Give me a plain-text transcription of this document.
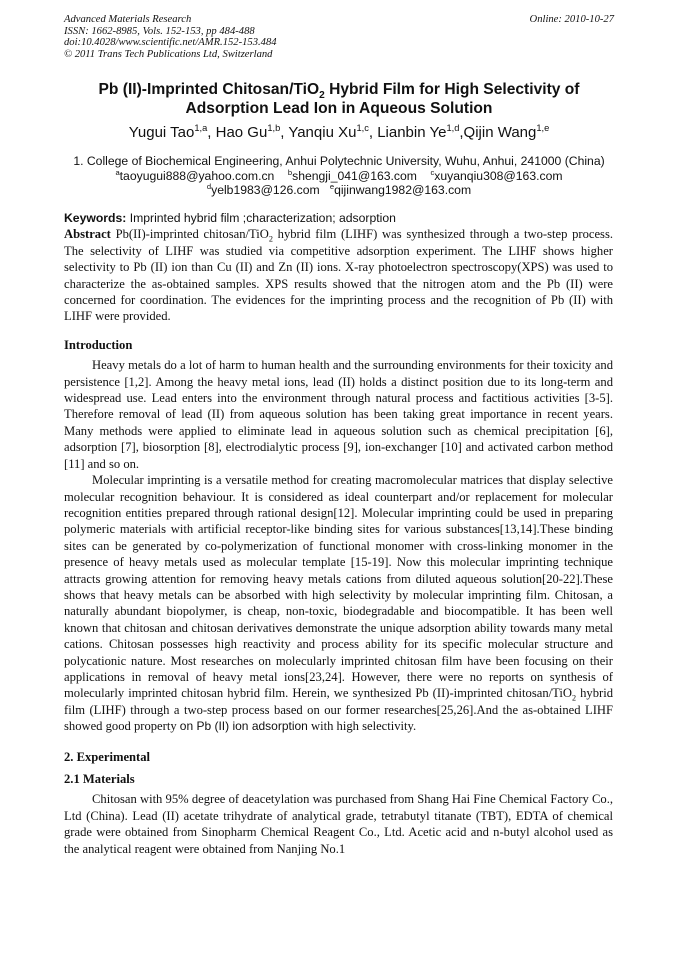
Advanced Materials Research
ISSN: 1662-8985, Vols. 152-153, pp 484-488
doi:10.4028/www.scientific.net/AMR.152-153.484
© 2011 Trans Tech Publications Ltd, Switzerland
Online: 2010-10-27
Pb (II)-Imprinted Chitosan/TiO$_2$ Hybrid Film for High Selectivity of
Adsorption Lead Ion in Aqueous Solution
Yugui Tao$^{1,a}$, Hao Gu$^{1,b}$, Yanqiu Xu$^{1,c}$, Lianbin Ye$^{1,d}$,Qijin Wang$^{1,e}$
1. College of Biochemical Engineering, Anhui Polytechnic University, Wuhu, Anhui, 241000 (China)
$^a$taoyugui888@yahoo.com.cn $^b$shengji_041@163.com $^c$xuyanqiu308@163.com
$^d$yelb1983@126.com $^e$qijinwang1982@163.com
Keywords: Imprinted hybrid film ;characterization; adsorption

Abstract Pb(II)-imprinted chitosan/TiO$_2$ hybrid film (LIHF) was synthesized through a two-step process. The selectivity of LIHF was studied via competitive adsorption experiment. The LIHF shows higher selectivity to Pb (II) ion than Cu (II) and Zn (II) ions. X-ray photoelectron spectroscopy(XPS) was used to characterize the as-obtained samples. XPS results showed that the nitrogen atom and the Pb (II) were concerned for coordination. The evidences for the imprinting process and the recognition of Pb (II) with LIHF were provided.

Introduction

Heavy metals do a lot of harm to human health and the surrounding environments for their toxicity and persistence [1,2]. Among the heavy metal ions, lead (II) holds a distinct position due to its long-term and widespread use. Lead enters into the environment through natural process and factitious activities [3-5]. Therefore removal of lead (II) from aqueous solution has been taking great importance in recent years. Many methods were applied to eliminate lead in aqueous solution such as chemical precipitation [6], adsorption [7], biosorption [8], electrodialytic process [9], ion-exchanger [10] and activated carbon method [11] and so on.

Molecular imprinting is a versatile method for creating macromolecular matrices that display selective molecular recognition behaviour. It is considered as ideal counterpart and/or replacement for molecular recognition entities prepared through rational design[12]. Molecular imprinting could be used in preparing polymeric materials with artificial receptor-like binding sites for various substances[13,14].These binding sites can be generated by co-polymerization of functional monomer with cross-linking monomer in the presence of heavy metals used as molecular template [15-19]. Now this molecular imprinting technique attracts growing attention for removing heavy metals cations from diluted aqueous solution[20-22].These shows that heavy metals can be absorbed with high selectivity by molecular imprinting film. Chitosan, a naturally abundant biopolymer, is cheap, non-toxic, biodegradable and biocompatible. It has been well known that chitosan and chitosan derivatives demonstrate the unique adsorption ability towards many metal cations. Chitosan possesses high reactivity and process ability for its specific molecular structure and polycationic nature. Most researches on molecularly imprinted chitosan film have been focusing on their applications in removal of heavy metal ions[23,24]. However, there were no reports on synthesis of molecularly imprinted chitosan hybrid film. Herein, we synthesized Pb (II)-imprinted chitosan/TiO$_2$ hybrid film (LIHF) through a two-step process based on our former researches[25,26].And the as-obtained LIHF showed good property on Pb (II) ion adsorption with high selectivity.

2. Experimental
2.1 Materials

Chitosan with 95% degree of deacetylation was purchased from Shang Hai Fine Chemical Factory Co., Ltd (China). Lead (II) acetate trihydrate of analytical grade, tetrabutyl titanate (TBT), EDTA of chemical grade were obtained from Sinopharm Chemical Reagent Co., Ltd. Acetic acid and n-butyl alcohol used as the analytical reagent were obtained from Nanjing No.1
